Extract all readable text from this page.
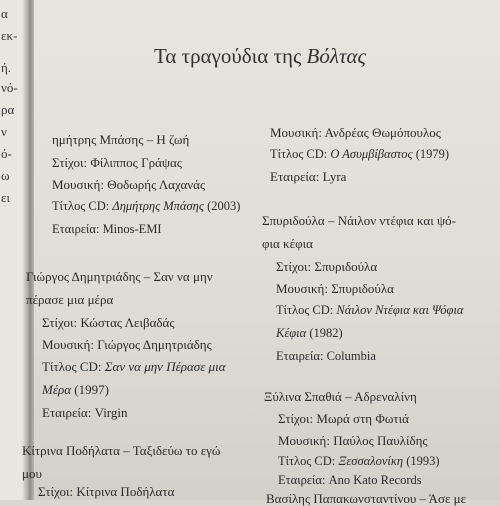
α
εκ-
ή.
νό-
ρα
ν
ό-
ω
ει
Τα τραγούδια της Βόλτας
ημήτρης Μπάσης – Η ζωή
Στίχοι: Φίλιππος Γράψας
Μουσική: Θοδωρής Λαχανάς
Τίτλος CD: Δημήτρης Μπάσης (2003)
Εταιρεία: Minos-EMI
Γιώργος Δημητριάδης – Σαν να μην
πέρασε μια μέρα
Στίχοι: Κώστας Λειβαδάς
Μουσική: Γιώργος Δημητριάδης
Τίτλος CD: Σαν να μην Πέρασε μια
Μέρα (1997)
Εταιρεία: Virgin
Κίτρινα Ποδήλατα – Ταξιδεύω το εγώ
μου
Στίχοι: Κίτρινα Ποδήλατα
Μουσική: Ανδρέας Θωμόπουλος
Τίτλος CD: Ο Ασυμβίβαστος (1979)
Εταιρεία: Lyra
Σπυριδούλα – Νάιλον ντέφια και ψό-
φια κέφια
Στίχοι: Σπυριδούλα
Μουσική: Σπυριδούλα
Τίτλος CD: Νάιλον Ντέφια και Ψόφια
Κέφια (1982)
Εταιρεία: Columbia
Ξύλινα Σπαθιά – Αδρεναλίνη
Στίχοι: Μωρά στη Φωτιά
Μουσική: Παύλος Παυλίδης
Τίτλος CD: Ξεσσαλονίκη (1993)
Εταιρεία: Ano Kato Records
Βασίλης Παπακωνσταντίνου – Άσε με
